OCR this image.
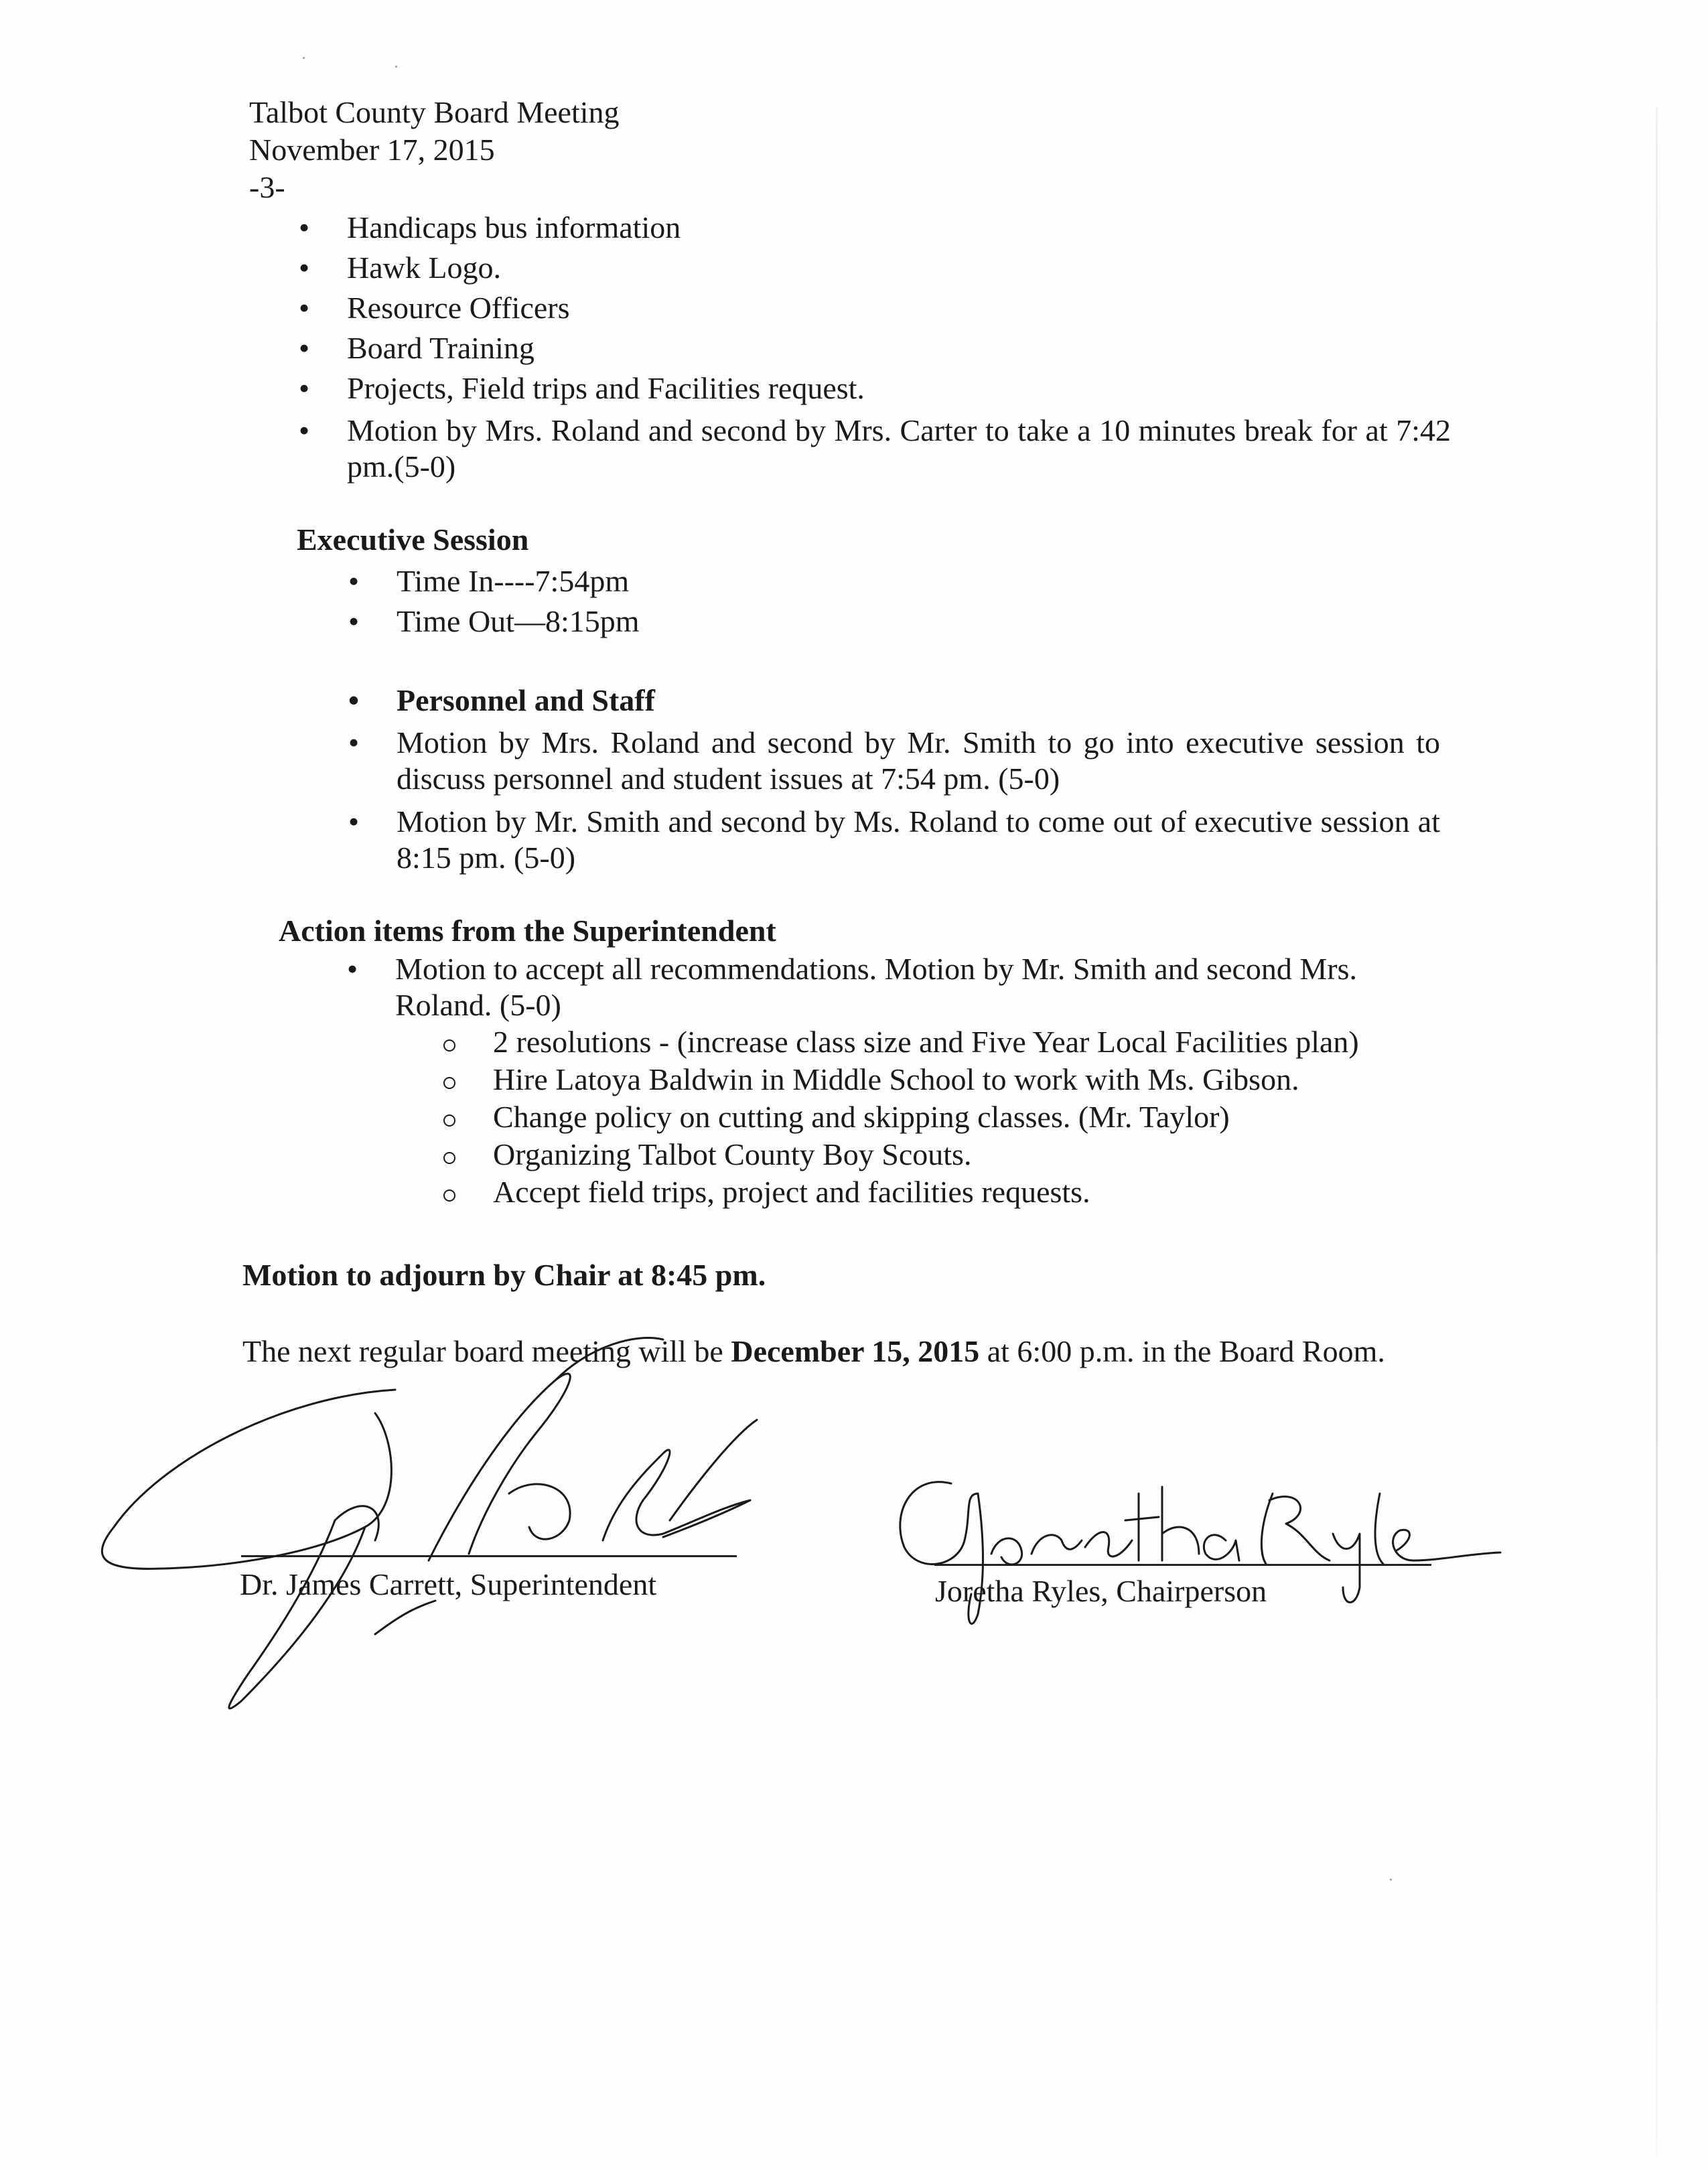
Talbot County Board Meeting
November 17, 2015
-3-
• Handicaps bus information
• Hawk Logo.
• Resource Officers
• Board Training
• Projects, Field trips and Facilities request.
• Motion by Mrs. Roland and second by Mrs. Carter to take a 10 minutes break for at 7:42 pm.(5-0)
Executive Session
• Time In----7:54pm
• Time Out—8:15pm
• Personnel and Staff
• Motion by Mrs. Roland and second by Mr. Smith to go into executive session to discuss personnel and student issues at 7:54 pm. (5-0)
• Motion by Mr. Smith and second by Ms. Roland to come out of executive session at 8:15 pm. (5-0)
Action items from the Superintendent
• Motion to accept all recommendations. Motion by Mr. Smith and second Mrs. Roland. (5-0)
2 resolutions - (increase class size and Five Year Local Facilities plan)
Hire Latoya Baldwin in Middle School to work with Ms. Gibson.
Change policy on cutting and skipping classes. (Mr. Taylor)
Organizing Talbot County Boy Scouts.
Accept field trips, project and facilities requests.
Motion to adjourn by Chair at 8:45 pm.
The next regular board meeting will be December 15, 2015 at 6:00 p.m. in the Board Room.
Dr. James Carrett, Superintendent	Joretha Ryles, Chairperson
